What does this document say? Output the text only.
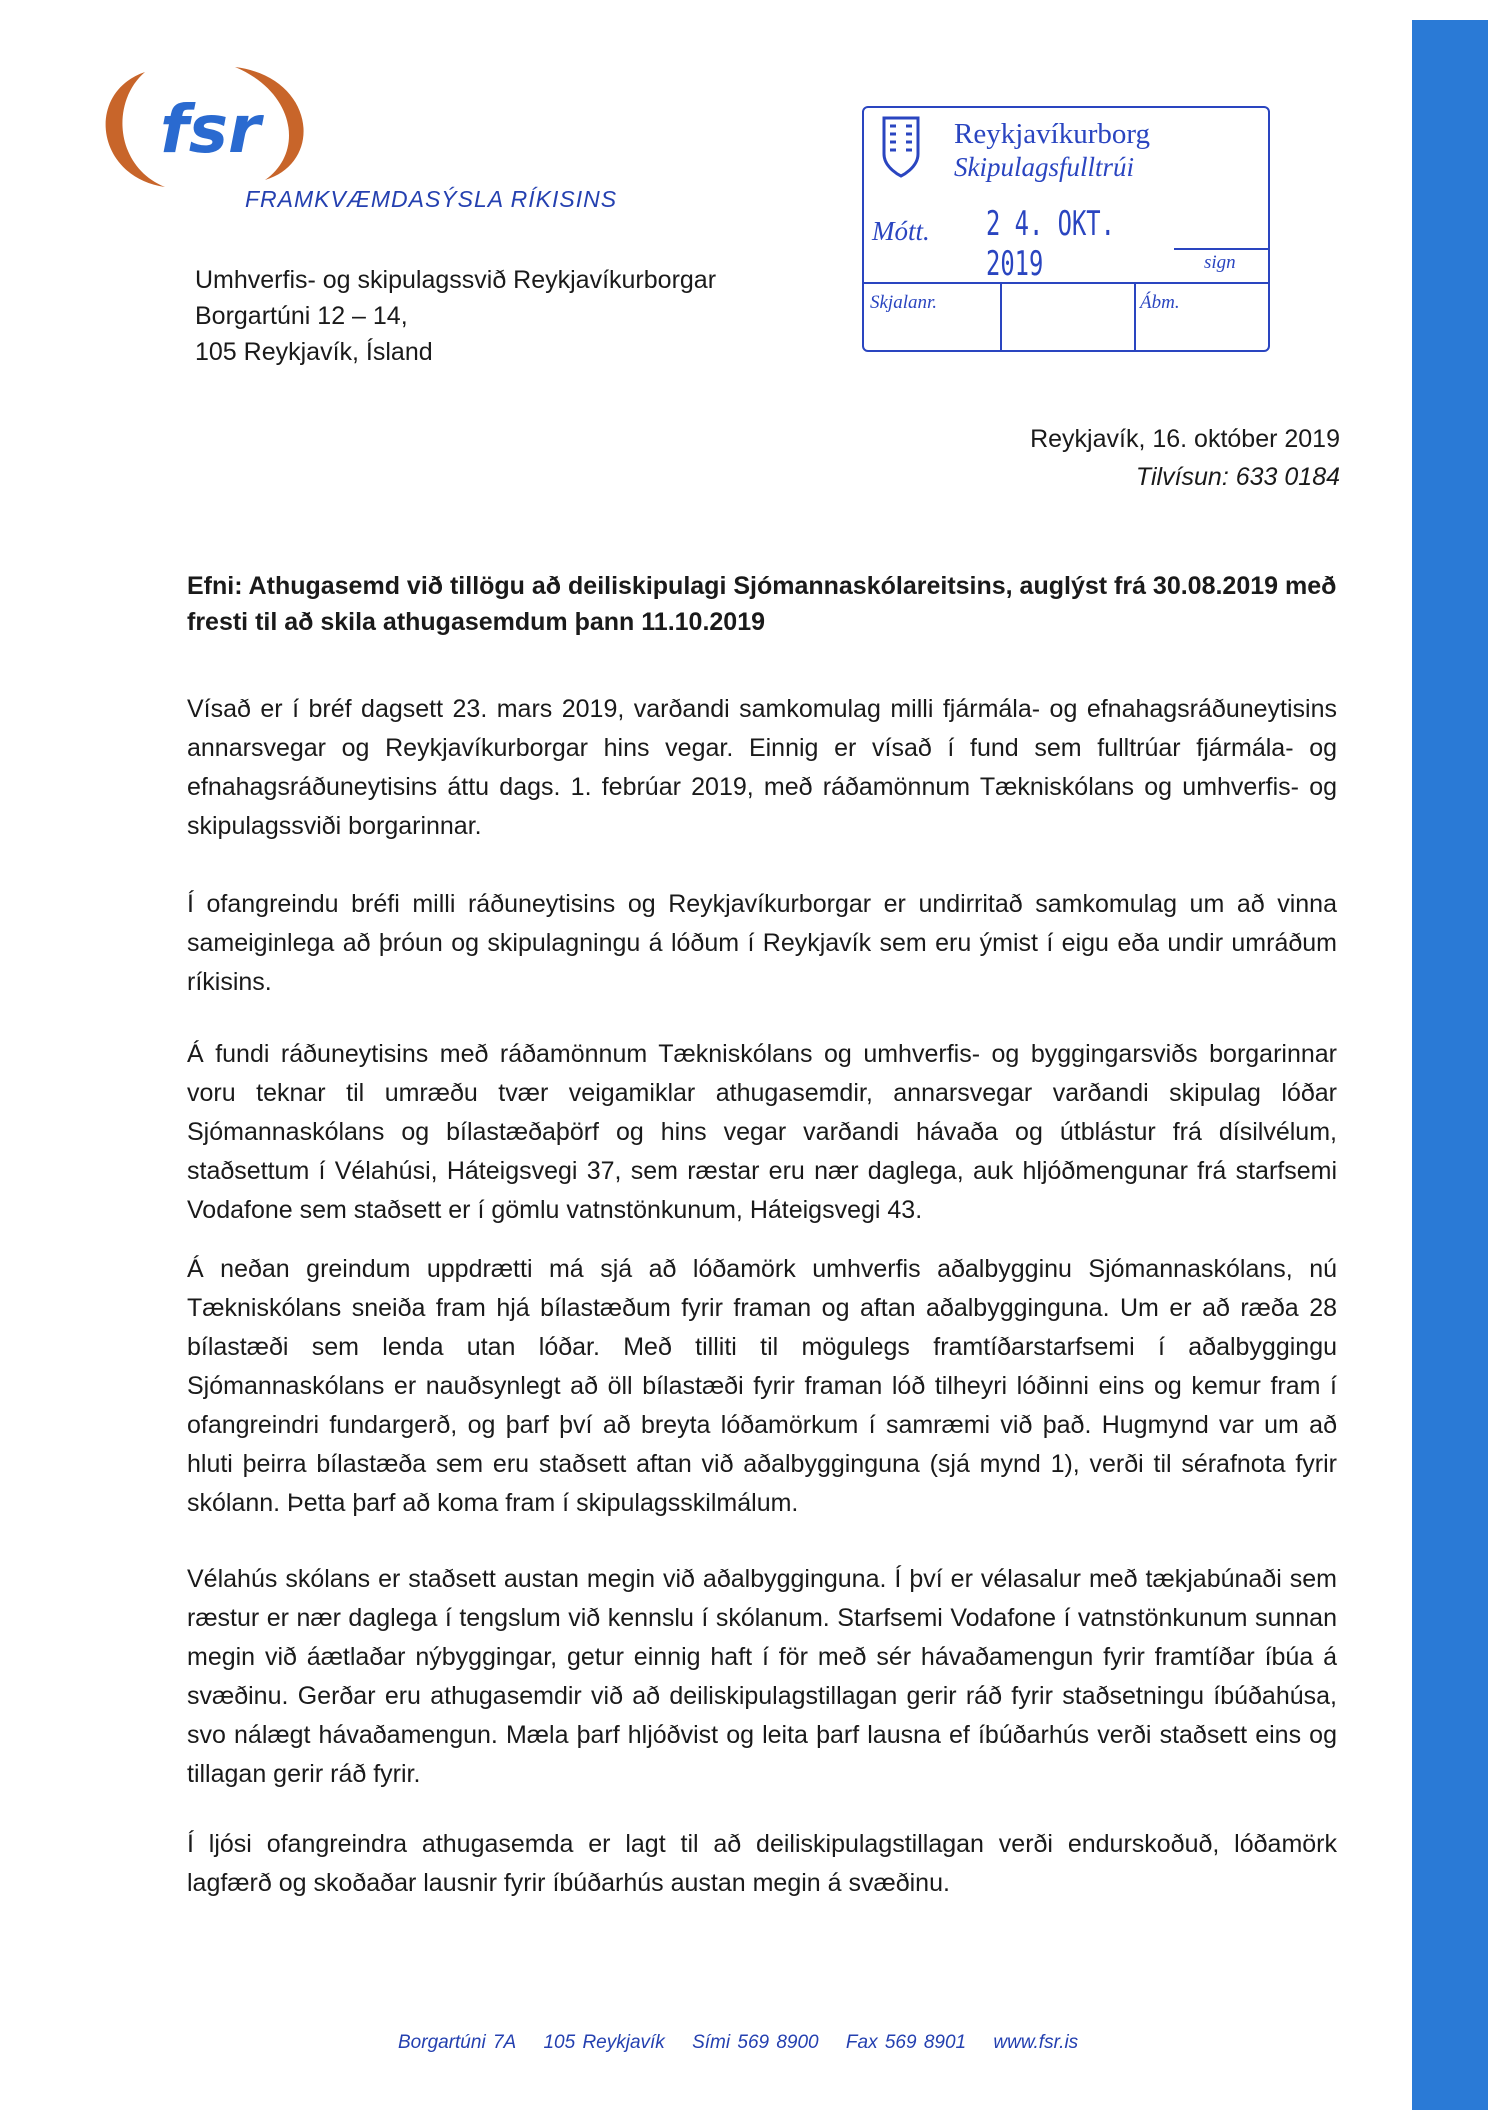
fsr
FRAMKVÆMDASÝSLA RÍKISINS
Umhverfis- og skipulagssvið Reykjavíkurborgar
Borgartúni 12 – 14,
105 Reykjavík, Ísland
Reykjavíkurborg
Skipulagsfulltrúi
Mótt. 2 4. OKT. 2019	sign
Skjalanr.	Ábm.
Reykjavík, 16. október 2019
Tilvísun: 633 0184
Efni: Athugasemd við tillögu að deiliskipulagi Sjómannaskólareitsins, auglýst frá 30.08.2019 með fresti til að skila athugasemdum þann 11.10.2019

Vísað er í bréf dagsett 23. mars 2019, varðandi samkomulag milli fjármála- og efnahagsráðuneytisins annarsvegar og Reykjavíkurborgar hins vegar. Einnig er vísað í fund sem fulltrúar fjármála- og efnahagsráðuneytisins áttu dags. 1. febrúar 2019, með ráðamönnum Tækniskólans og umhverfis- og skipulagssviði borgarinnar.

Í ofangreindu bréfi milli ráðuneytisins og Reykjavíkurborgar er undirritað samkomulag um að vinna sameiginlega að þróun og skipulagningu á lóðum í Reykjavík sem eru ýmist í eigu eða undir umráðum ríkisins.

Á fundi ráðuneytisins með ráðamönnum Tækniskólans og umhverfis- og byggingarsviðs borgarinnar voru teknar til umræðu tvær veigamiklar athugasemdir, annarsvegar varðandi skipulag lóðar Sjómannaskólans og bílastæðaþörf og hins vegar varðandi hávaða og útblástur frá dísilvélum, staðsettum í Vélahúsi, Háteigsvegi 37, sem ræstar eru nær daglega, auk hljóðmengunar frá starfsemi Vodafone sem staðsett er í gömlu vatnstönkunum, Háteigsvegi 43.

Á neðan greindum uppdrætti má sjá að lóðamörk umhverfis aðalbygginu Sjómannaskólans, nú Tækniskólans sneiða fram hjá bílastæðum fyrir framan og aftan aðalbygginguna. Um er að ræða 28 bílastæði sem lenda utan lóðar. Með tilliti til mögulegs framtíðarstarfsemi í aðalbyggingu Sjómannaskólans er nauðsynlegt að öll bílastæði fyrir framan lóð tilheyri lóðinni eins og kemur fram í ofangreindri fundargerð, og þarf því að breyta lóðamörkum í samræmi við það. Hugmynd var um að hluti þeirra bílastæða sem eru staðsett aftan við aðalbygginguna (sjá mynd 1), verði til sérafnota fyrir skólann. Þetta þarf að koma fram í skipulagsskilmálum.

Vélahús skólans er staðsett austan megin við aðalbygginguna. Í því er vélasalur með tækjabúnaði sem ræstur er nær daglega í tengslum við kennslu í skólanum. Starfsemi Vodafone í vatnstönkunum sunnan megin við áætlaðar nýbyggingar, getur einnig haft í för með sér hávaðamengun fyrir framtíðar íbúa á svæðinu. Gerðar eru athugasemdir við að deiliskipulagstillagan gerir ráð fyrir staðsetningu íbúðahúsa, svo nálægt hávaðamengun. Mæla þarf hljóðvist og leita þarf lausna ef íbúðarhús verði staðsett eins og tillagan gerir ráð fyrir.

Í ljósi ofangreindra athugasemda er lagt til að deiliskipulagstillagan verði endurskoðuð, lóðamörk lagfærð og skoðaðar lausnir fyrir íbúðarhús austan megin á svæðinu.

Borgartúni 7A 105 Reykjavík Sími 569 8900 Fax 569 8901 www.fsr.is
